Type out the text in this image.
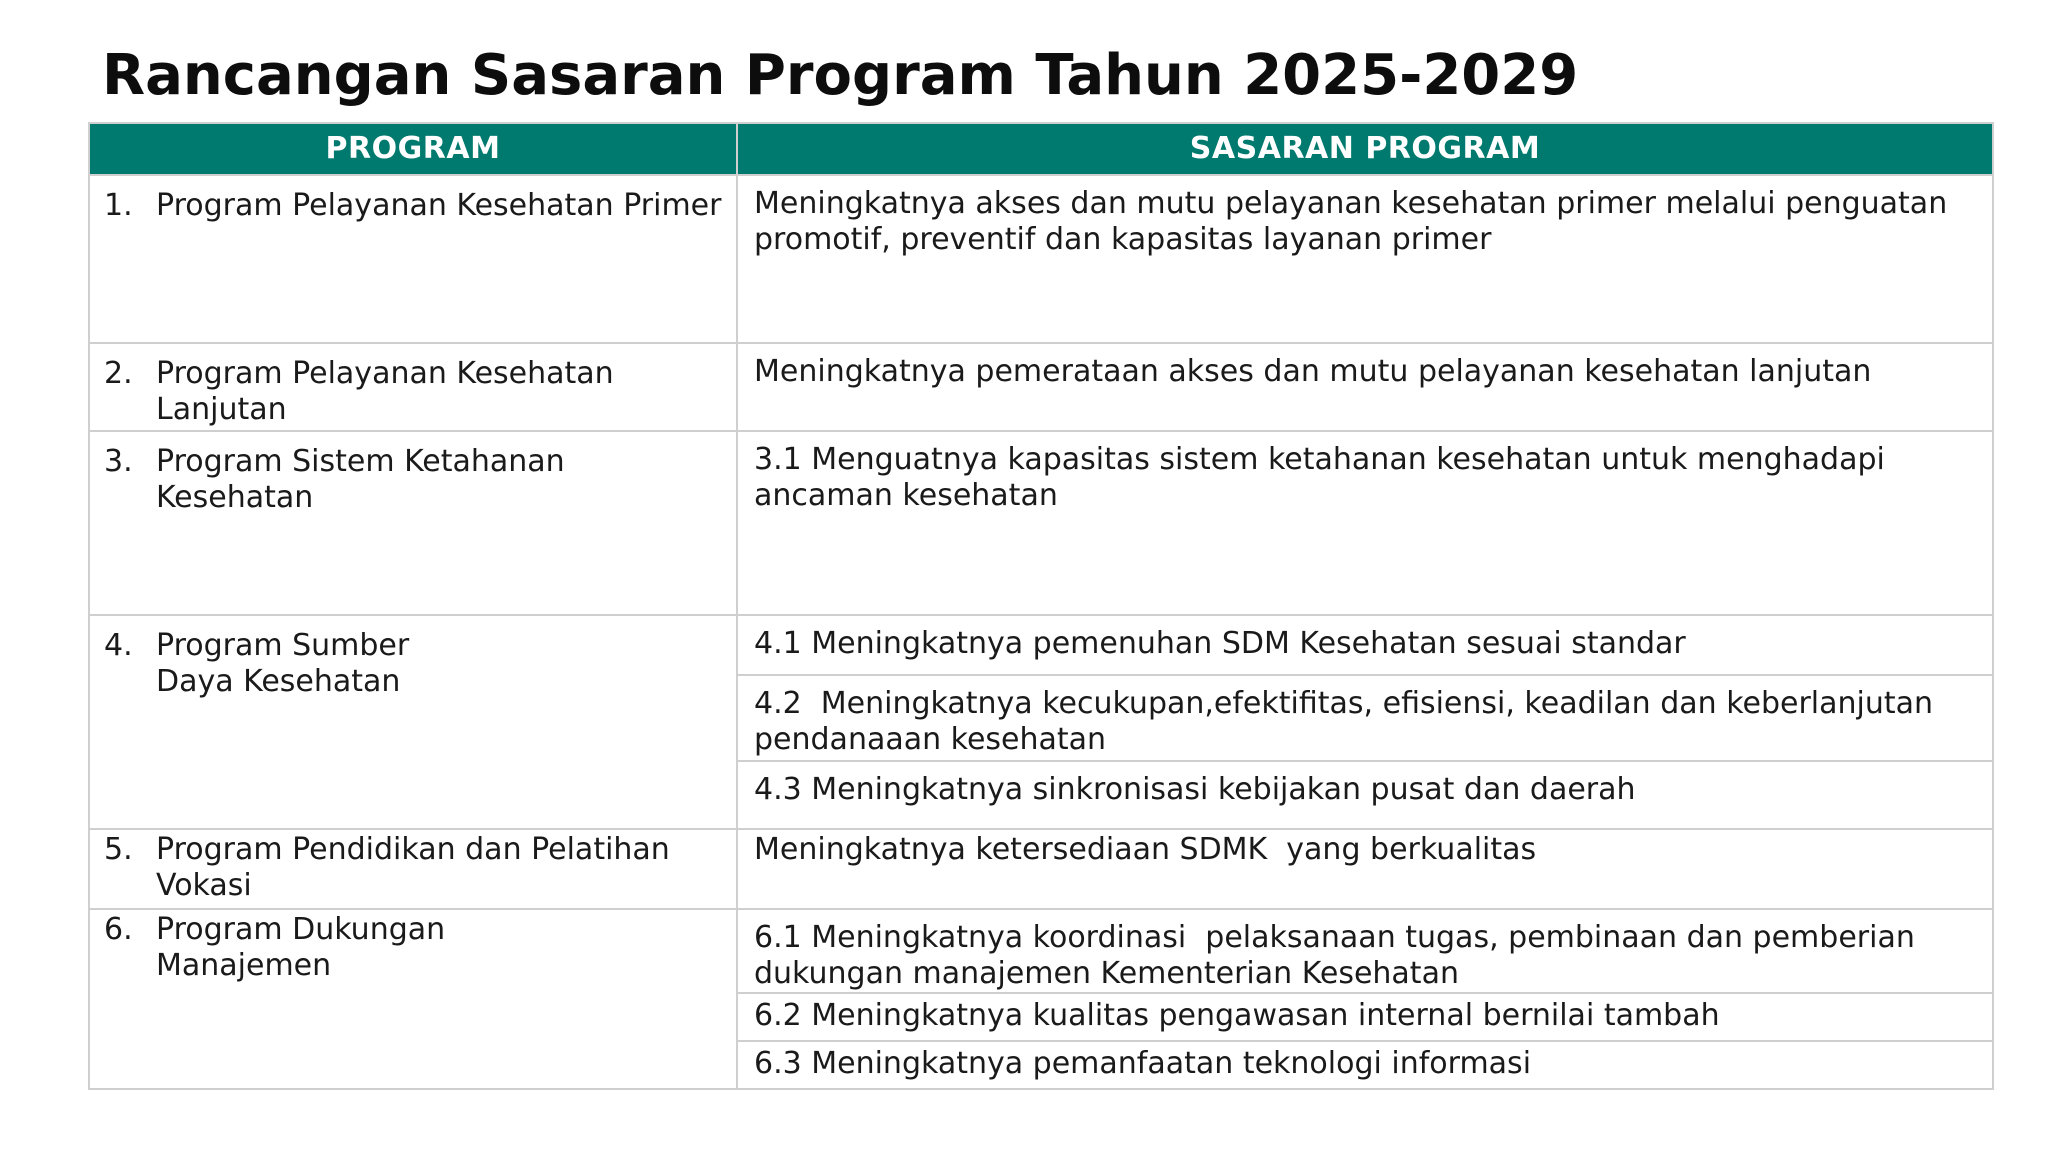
Rancangan Sasaran Program Tahun 2025-2029
PROGRAM	SASARAN PROGRAM

1. Program Pelayanan Kesehatan Primer	Meningkatnya akses dan mutu pelayanan kesehatan primer melalui penguatan promotif, preventif dan kapasitas layanan primer

2. Program Pelayanan Kesehatan Lanjutan	Meningkatnya pemerataan akses dan mutu pelayanan kesehatan lanjutan

3. Program Sistem Ketahanan Kesehatan	3.1 Menguatnya kapasitas sistem ketahanan kesehatan untuk menghadapi ancaman kesehatan

4. Program Sumber Daya Kesehatan	4.1 Meningkatnya pemenuhan SDM Kesehatan sesuai standar
	4.2  Meningkatnya kecukupan,efektifitas, efisiensi, keadilan dan keberlanjutan pendanaaan kesehatan
	4.3 Meningkatnya sinkronisasi kebijakan pusat dan daerah

5. Program Pendidikan dan Pelatihan Vokasi	Meningkatnya ketersediaan SDMK  yang berkualitas

6. Program Dukungan Manajemen	6.1 Meningkatnya koordinasi  pelaksanaan tugas, pembinaan dan pemberian dukungan manajemen Kementerian Kesehatan
	6.2 Meningkatnya kualitas pengawasan internal bernilai tambah
	6.3 Meningkatnya pemanfaatan teknologi informasi
